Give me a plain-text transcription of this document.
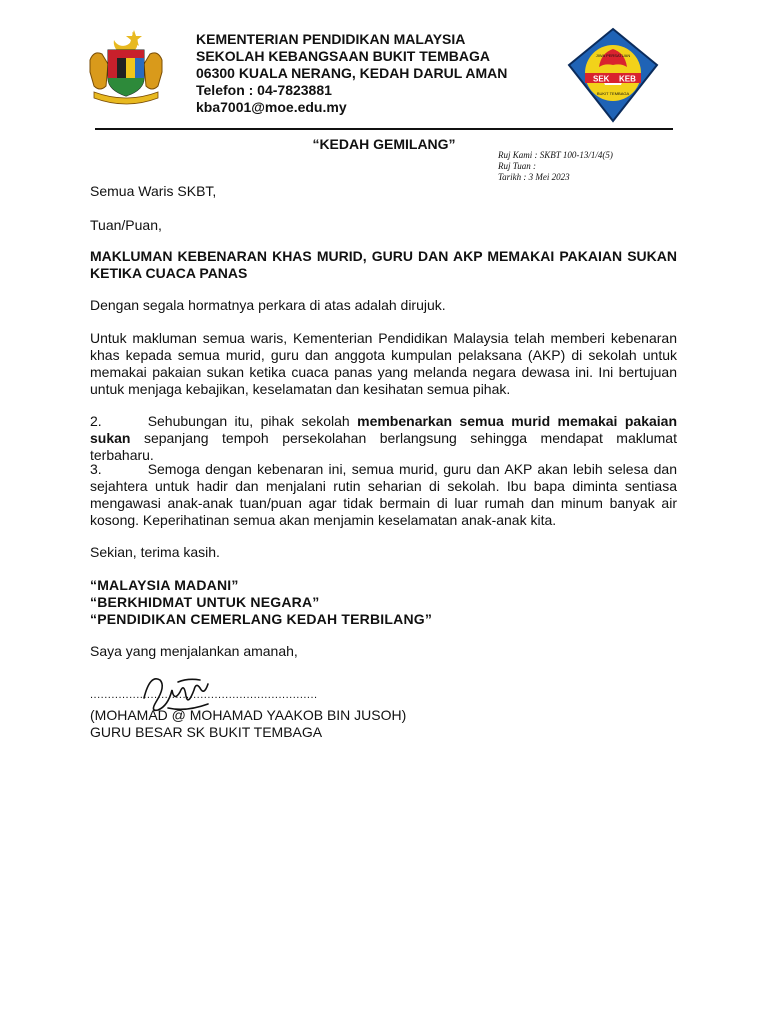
KEMENTERIAN PENDIDIKAN MALAYSIA

SEKOLAH KEBANGSAAN BUKIT TEMBAGA

06300 KUALA NERANG, KEDAH DARUL AMAN

Telefon : 04-7823881

kba7001@moe.edu.my

SEK KEB
JIWA PERSATUAN
BUKIT TEMBAGA
“KEDAH GEMILANG”
Ruj Kami : SKBT 100-13/1/4(5)
Ruj Tuan :
Tarikh : 3 Mei 2023

Semua Waris SKBT,

Tuan/Puan,

MAKLUMAN KEBENARAN KHAS MURID, GURU DAN AKP MEMAKAI PAKAIAN SUKAN KETIKA CUACA PANAS

Dengan segala hormatnya perkara di atas adalah dirujuk.

Untuk makluman semua waris, Kementerian Pendidikan Malaysia telah memberi kebenaran khas kepada semua murid, guru dan anggota kumpulan pelaksana (AKP) di sekolah untuk memakai pakaian sukan ketika cuaca panas yang melanda negara dewasa ini. Ini bertujuan untuk menjaga kebajikan, keselamatan dan kesihatan semua pihak.

2.	Sehubungan itu, pihak sekolah membenarkan semua murid memakai pakaian sukan sepanjang tempoh persekolahan berlangsung sehingga mendapat maklumat terbaharu.
3.	Semoga dengan kebenaran ini, semua murid, guru dan AKP akan lebih selesa dan sejahtera untuk hadir dan menjalani rutin seharian di sekolah. Ibu bapa diminta sentiasa mengawasi anak-anak tuan/puan agar tidak bermain di luar rumah dan minum banyak air kosong. Keperihatinan semua akan menjamin keselamatan anak-anak kita.

Sekian, terima kasih.

“MALAYSIA MADANI”
“BERKHIDMAT UNTUK NEGARA”
“PENDIDIKAN CEMERLANG KEDAH TERBILANG”

Saya yang menjalankan amanah,

................................................................

(MOHAMAD @ MOHAMAD YAAKOB BIN JUSOH)

GURU BESAR SK BUKIT TEMBAGA
